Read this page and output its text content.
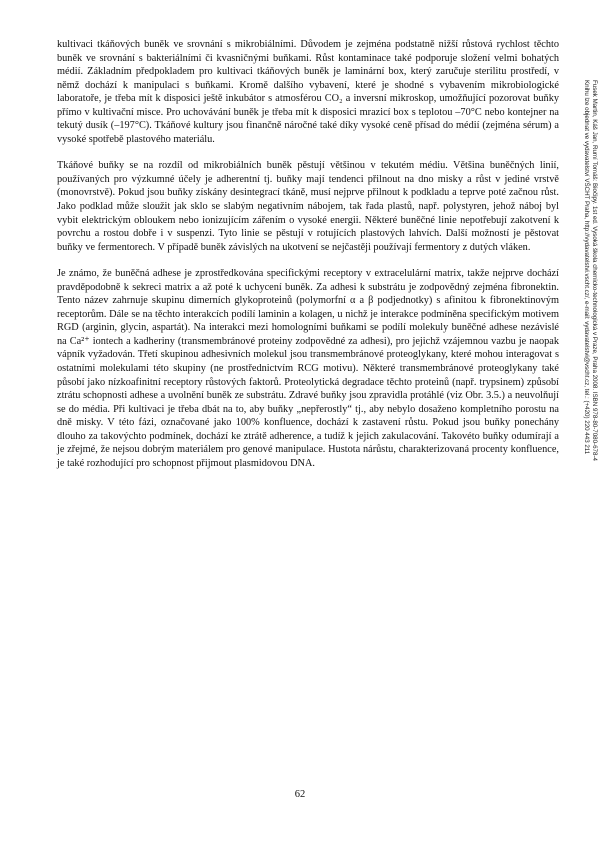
kultivaci tkáňových buněk ve srovnání s mikrobiálními. Důvodem je zejména podstatně nižší růstová rychlost těchto buněk ve srovnání s bakteriálními či kvasničnými buňkami. Růst kontaminace také podporuje složení velmi bohatých médií. Základním předpokladem pro kultivaci tkáňových buněk je laminární box, který zaručuje sterilitu prostředí, v němž dochází k manipulaci s buňkami. Kromě dalšího vybavení, které je shodné s vybavením mikrobiologické laboratoře, je třeba mít k disposici ještě inkubátor s atmosférou CO₂ a inversní mikroskop, umožňující pozorovat buňky přímo v kultivační misce. Pro uchovávání buněk je třeba mít k disposici mrazicí box s teplotou –70°C nebo kontejner na tekutý dusík (–197°C). Tkáňové kultury jsou finančně náročné také díky vysoké ceně přísad do médií (zejména sérum) a vysoké spotřebě plastového materiálu.

Tkáňové buňky se na rozdíl od mikrobiálních buněk pěstují většinou v tekutém médiu. Většina buněčných linií, používaných pro výzkumné účely je adherentní tj. buňky mají tendenci přilnout na dno misky a růst v jediné vrstvě (monovrstvě). Pokud jsou buňky získány desintegrací tkáně, musí nejprve přilnout k podkladu a teprve poté začnou růst. Jako podklad může sloužit jak sklo se slabým negativním nábojem, tak řada plastů, např. polystyren, jehož náboj byl vybit elektrickým obloukem nebo ionizujícím zářením o vysoké energii. Některé buněčné linie nepotřebují zakotvení k povrchu a rostou dobře i v suspenzi. Tyto linie se pěstují v rotujících plastových lahvích. Další možností je pěstovat buňky ve fermentorech. V případě buněk závislých na ukotvení se nejčastěji používají fermentory z dutých vláken.

Je známo, že buněčná adhese je zprostředkována specifickými receptory v extracelulární matrix, takže nejprve dochází pravděpodobně k sekreci matrix a až poté k uchycení buněk. Za adhesi k substrátu je zodpovědný zejména fibronektin. Tento název zahrnuje skupinu dimerních glykoproteinů (polymorfní α a β podjednotky) s afinitou k fibronektinovým receptorům. Dále se na těchto interakcích podílí laminin a kolagen, u nichž je interakce podmíněna specifickým motivem RGD (arginin, glycin, aspartát). Na interakci mezi homologními buňkami se podílí molekuly buněčné adhese nezávislé na Ca²⁺ iontech a kadheriny (transmembránové proteiny zodpovědné za adhesi), pro jejichž vzájemnou vazbu je naopak vápník vyžadován. Třetí skupinou adhesivních molekul jsou transmembránové proteoglykany, které mohou interagovat s ostatními molekulami této skupiny (ne prostřednictvím RCG motivu). Některé transmembránové proteoglykany také působí jako nízkoafinitní receptory růstových faktorů. Proteolytická degradace těchto proteinů (např. trypsinem) způsobí ztrátu schopnosti adhese a uvolnění buněk ze substrátu. Zdravé buňky jsou zpravidla protáhlé (viz Obr. 3.5.) a neuvolňují se do média. Při kultivaci je třeba dbát na to, aby buňky „nepřerostly“ tj., aby nebylo dosaženo kompletního porostu na dně misky. V této fázi, označované jako 100% konfluence, dochází k zastavení růstu. Pokud jsou buňky ponechány dlouho za takovýchto podmínek, dochází ke ztrátě adherence, a tudíž k jejich zakulacování. Takovéto buňky odumírají a je zřejmé, že nejsou dobrým materiálem pro genové manipulace. Hustota nárůstu, charakterizovaná procenty konfluence, je také rozhodující pro schopnost přijmout plasmidovou DNA.

Fusek Martin, Káš Jan, Rumí Tomáš: Biočipy. 1st ed. Vysoká škola chemicko-technologická v Praze, Praha 2008. ISBN 978-80-7080-678-4
Knihu lze objednat ve vydavatelství VŠCHT Praha, http://vydavatelstvi.vscht.cz/, e-mail: vydavatelstvi@vscht.cz, tel.: (+420) 220 443 211
62
